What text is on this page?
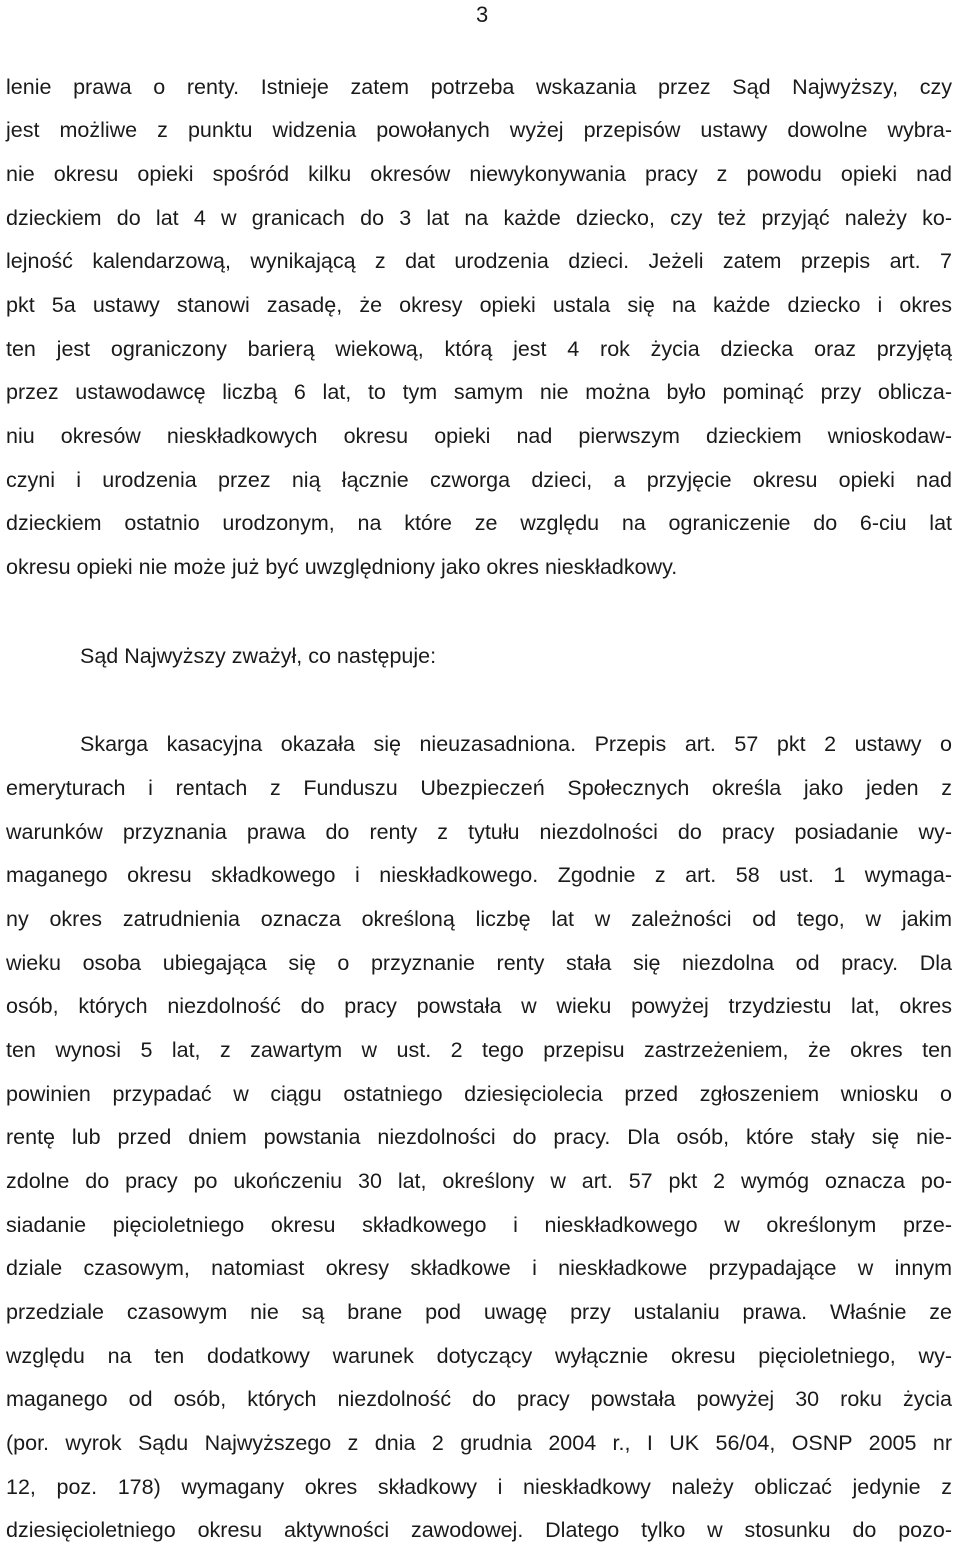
3
lenie prawa o renty. Istnieje zatem potrzeba wskazania przez Sąd Najwyższy, czy
jest możliwe z punktu widzenia powołanych wyżej przepisów ustawy dowolne wybra-
nie okresu opieki spośród kilku okresów niewykonywania pracy z powodu opieki nad
dzieckiem do lat 4 w granicach do 3 lat na każde dziecko, czy też przyjąć należy ko-
lejność kalendarzową, wynikającą z dat urodzenia dzieci. Jeżeli zatem przepis art. 7
pkt 5a ustawy stanowi zasadę, że okresy opieki ustala się na każde dziecko i okres
ten jest ograniczony barierą wiekową, którą jest 4 rok życia dziecka oraz przyjętą
przez ustawodawcę liczbą 6 lat, to tym samym nie można było pominąć przy oblicza-
niu okresów nieskładkowych okresu opieki nad pierwszym dzieckiem wnioskodaw-
czyni i urodzenia przez nią łącznie czworga dzieci, a przyjęcie okresu opieki nad
dzieckiem ostatnio urodzonym, na które ze względu na ograniczenie do 6-ciu lat
okresu opieki nie może już być uwzględniony jako okres nieskładkowy.
Sąd Najwyższy zważył, co następuje:
Skarga kasacyjna okazała się nieuzasadniona. Przepis art. 57 pkt 2 ustawy o
emeryturach i rentach z Funduszu Ubezpieczeń Społecznych określa jako jeden z
warunków przyznania prawa do renty z tytułu niezdolności do pracy posiadanie wy-
maganego okresu składkowego i nieskładkowego. Zgodnie z art. 58 ust. 1 wymaga-
ny okres zatrudnienia oznacza określoną liczbę lat w zależności od tego, w jakim
wieku osoba ubiegająca się o przyznanie renty stała się niezdolna od pracy. Dla
osób, których niezdolność do pracy powstała w wieku powyżej trzydziestu lat, okres
ten wynosi 5 lat, z zawartym w ust. 2 tego przepisu zastrzeżeniem, że okres ten
powinien przypadać w ciągu ostatniego dziesięciolecia przed zgłoszeniem wniosku o
rentę lub przed dniem powstania niezdolności do pracy. Dla osób, które stały się nie-
zdolne do pracy po ukończeniu 30 lat, określony w art. 57 pkt 2 wymóg oznacza po-
siadanie pięcioletniego okresu składkowego i nieskładkowego w określonym prze-
dziale czasowym, natomiast okresy składkowe i nieskładkowe przypadające w innym
przedziale czasowym nie są brane pod uwagę przy ustalaniu prawa. Właśnie ze
względu na ten dodatkowy warunek dotyczący wyłącznie okresu pięcioletniego, wy-
maganego od osób, których niezdolność do pracy powstała powyżej 30 roku życia
(por. wyrok Sądu Najwyższego z dnia 2 grudnia 2004 r., I UK 56/04, OSNP 2005 nr
12, poz. 178) wymagany okres składkowy i nieskładkowy należy obliczać jedynie z
dziesięcioletniego okresu aktywności zawodowej. Dlatego tylko w stosunku do pozo-
